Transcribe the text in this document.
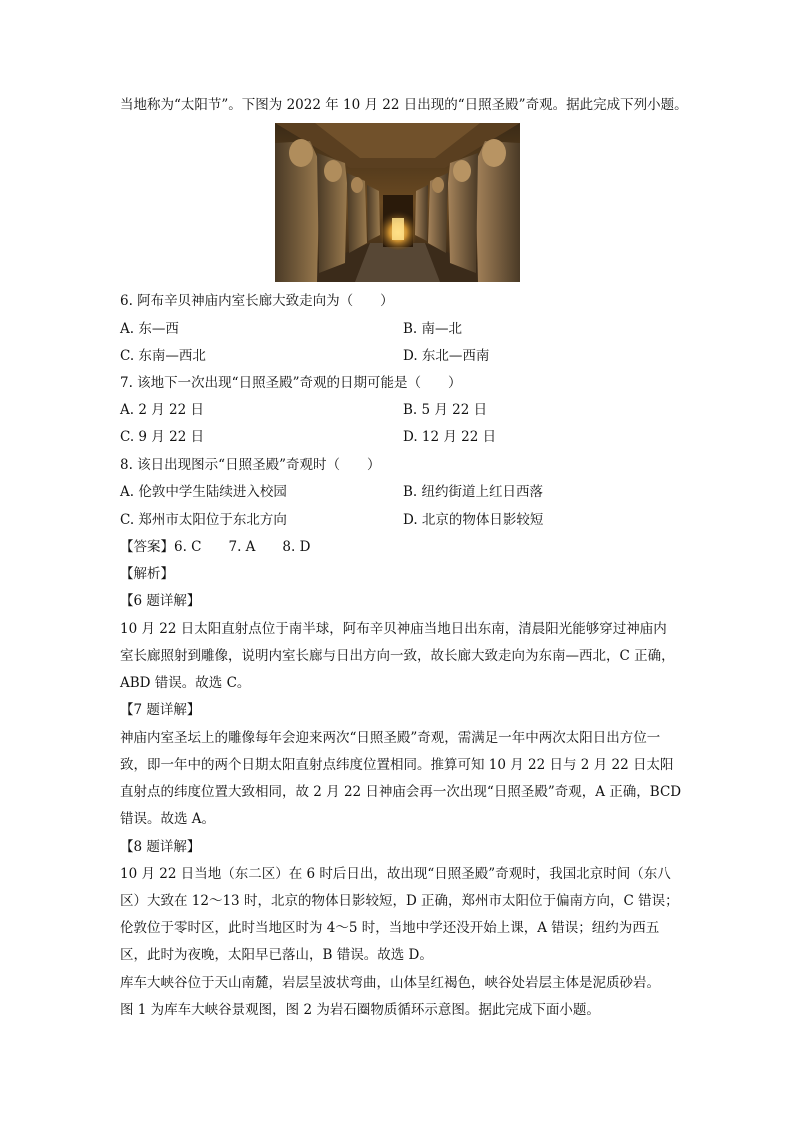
当地称为“太阳节”。下图为 2022 年 10 月 22 日出现的“日照圣殿”奇观。据此完成下列小题。
6. 阿布辛贝神庙内室长廊大致走向为（　　）
A. 东—西	B. 南—北
C. 东南—西北	D. 东北—西南
7. 该地下一次出现“日照圣殿”奇观的日期可能是（　　）
A. 2 月 22 日	B. 5 月 22 日
C. 9 月 22 日	D. 12 月 22 日
8. 该日出现图示“日照圣殿”奇观时（　　）
A. 伦敦中学生陆续进入校园	B. 纽约街道上红日西落
C. 郑州市太阳位于东北方向	D. 北京的物体日影较短
【答案】6. C　　7. A　　8. D
【解析】
【6 题详解】
10 月 22 日太阳直射点位于南半球，阿布辛贝神庙当地日出东南，清晨阳光能够穿过神庙内
室长廊照射到雕像，说明内室长廊与日出方向一致，故长廊大致走向为东南—西北，C 正确，
ABD 错误。故选 C。
【7 题详解】
神庙内室圣坛上的雕像每年会迎来两次“日照圣殿”奇观，需满足一年中两次太阳日出方位一
致，即一年中的两个日期太阳直射点纬度位置相同。推算可知 10 月 22 日与 2 月 22 日太阳
直射点的纬度位置大致相同，故 2 月 22 日神庙会再一次出现“日照圣殿”奇观，A 正确，BCD
错误。故选 A。
【8 题详解】
10 月 22 日当地（东二区）在 6 时后日出，故出现“日照圣殿”奇观时，我国北京时间（东八
区）大致在 12～13 时，北京的物体日影较短，D 正确，郑州市太阳位于偏南方向，C 错误；
伦敦位于零时区，此时当地区时为 4～5 时，当地中学还没开始上课，A 错误；纽约为西五
区，此时为夜晚，太阳早已落山，B 错误。故选 D。
库车大峡谷位于天山南麓，岩层呈波状弯曲，山体呈红褐色，峡谷处岩层主体是泥质砂岩。
图 1 为库车大峡谷景观图，图 2 为岩石圈物质循环示意图。据此完成下面小题。
